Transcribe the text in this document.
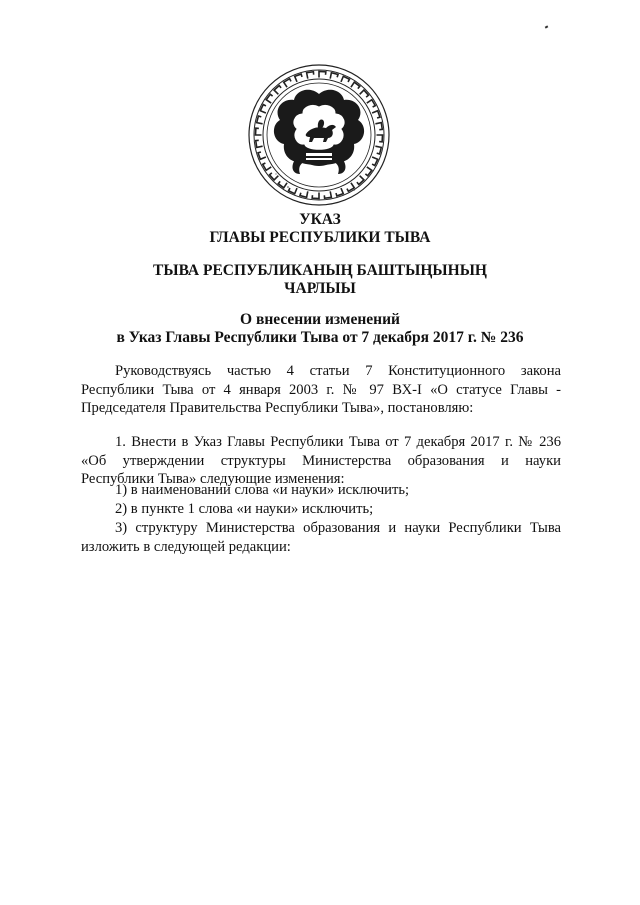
УКАЗ

ГЛАВЫ РЕСПУБЛИКИ ТЫВА

ТЫВА РЕСПУБЛИКАНЫҢ БАШТЫҢЫНЫҢ

ЧАРЛЫЫ

О внесении изменений

в Указ Главы Республики Тыва от 7 декабря 2017 г. № 236

Руководствуясь частью 4 статьи 7 Конституционного закона Республики Тыва от 4 января 2003 г. № 97 ВХ-I «О статусе Главы - Председателя Правительства Республики Тыва», постановляю:

1. Внести в Указ Главы Республики Тыва от 7 декабря 2017 г. № 236 «Об утверждении структуры Министерства образования и науки Республики Тыва» следующие изменения:

1) в наименовании слова «и науки» исключить;

2) в пункте 1 слова «и науки» исключить;

3) структуру Министерства образования и науки Республики Тыва изложить в следующей редакции:
